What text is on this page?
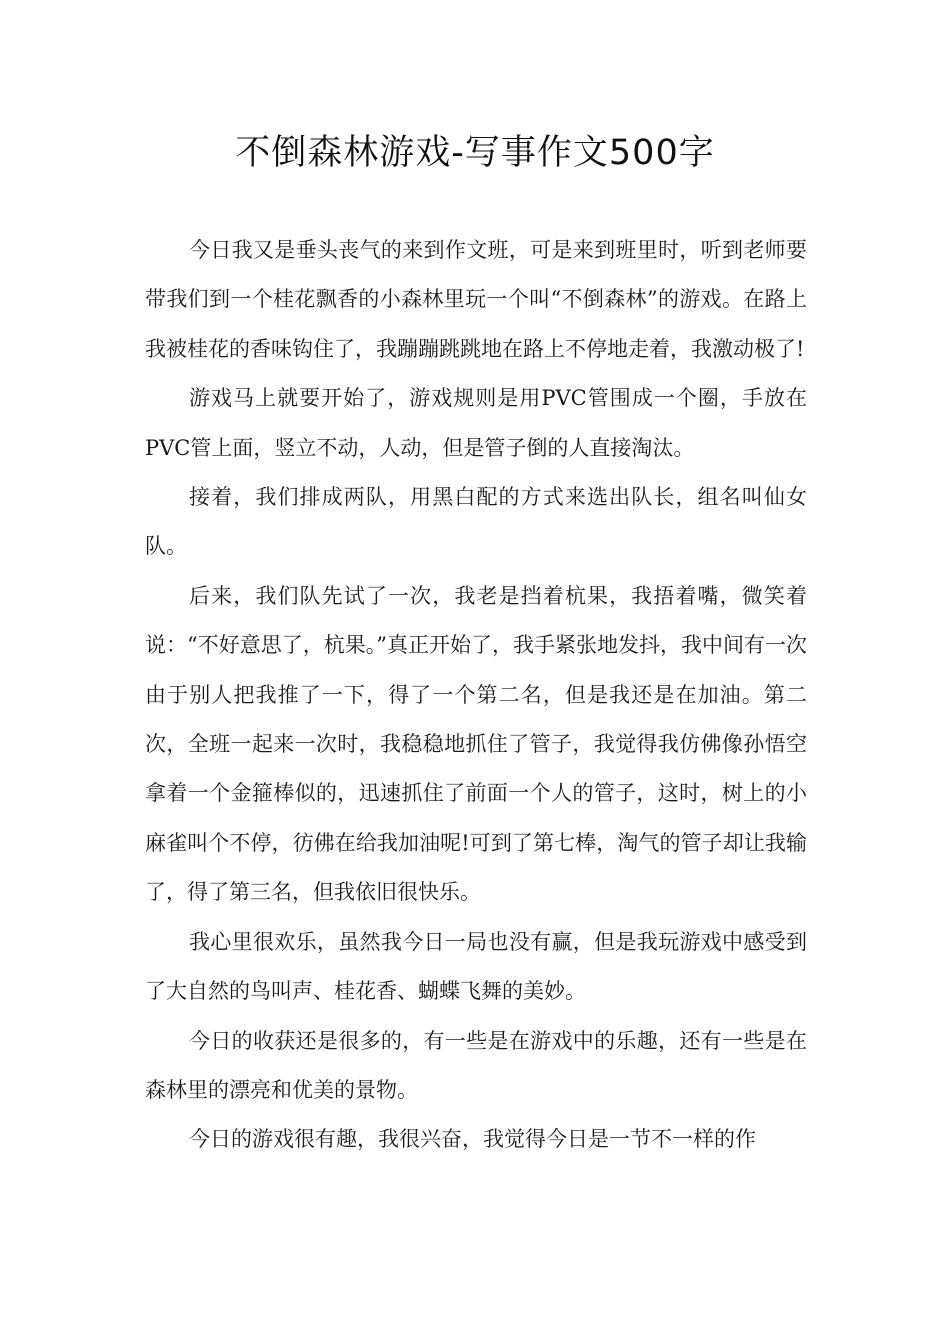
不倒森林游戏-写事作文500字

今日我又是垂头丧气的来到作文班，可是来到班里时，听到老师要带我们到一个桂花飘香的小森林里玩一个叫“不倒森林”的游戏。在路上我被桂花的香味钩住了，我蹦蹦跳跳地在路上不停地走着，我激动极了!

游戏马上就要开始了，游戏规则是用PVC管围成一个圈，手放在PVC管上面，竖立不动，人动，但是管子倒的人直接淘汰。

接着，我们排成两队，用黑白配的方式来选出队长，组名叫仙女队。

后来，我们队先试了一次，我老是挡着杭果，我捂着嘴，微笑着说：“不好意思了，杭果。”真正开始了，我手紧张地发抖，我中间有一次由于别人把我推了一下，得了一个第二名，但是我还是在加油。第二次，全班一起来一次时，我稳稳地抓住了管子，我觉得我仿佛像孙悟空拿着一个金箍棒似的，迅速抓住了前面一个人的管子，这时，树上的小麻雀叫个不停，彷佛在给我加油呢!可到了第七棒，淘气的管子却让我输了，得了第三名，但我依旧很快乐。

我心里很欢乐，虽然我今日一局也没有赢，但是我玩游戏中感受到了大自然的鸟叫声、桂花香、蝴蝶飞舞的美妙。

今日的收获还是很多的，有一些是在游戏中的乐趣，还有一些是在森林里的漂亮和优美的景物。

今日的游戏很有趣，我很兴奋，我觉得今日是一节不一样的作
